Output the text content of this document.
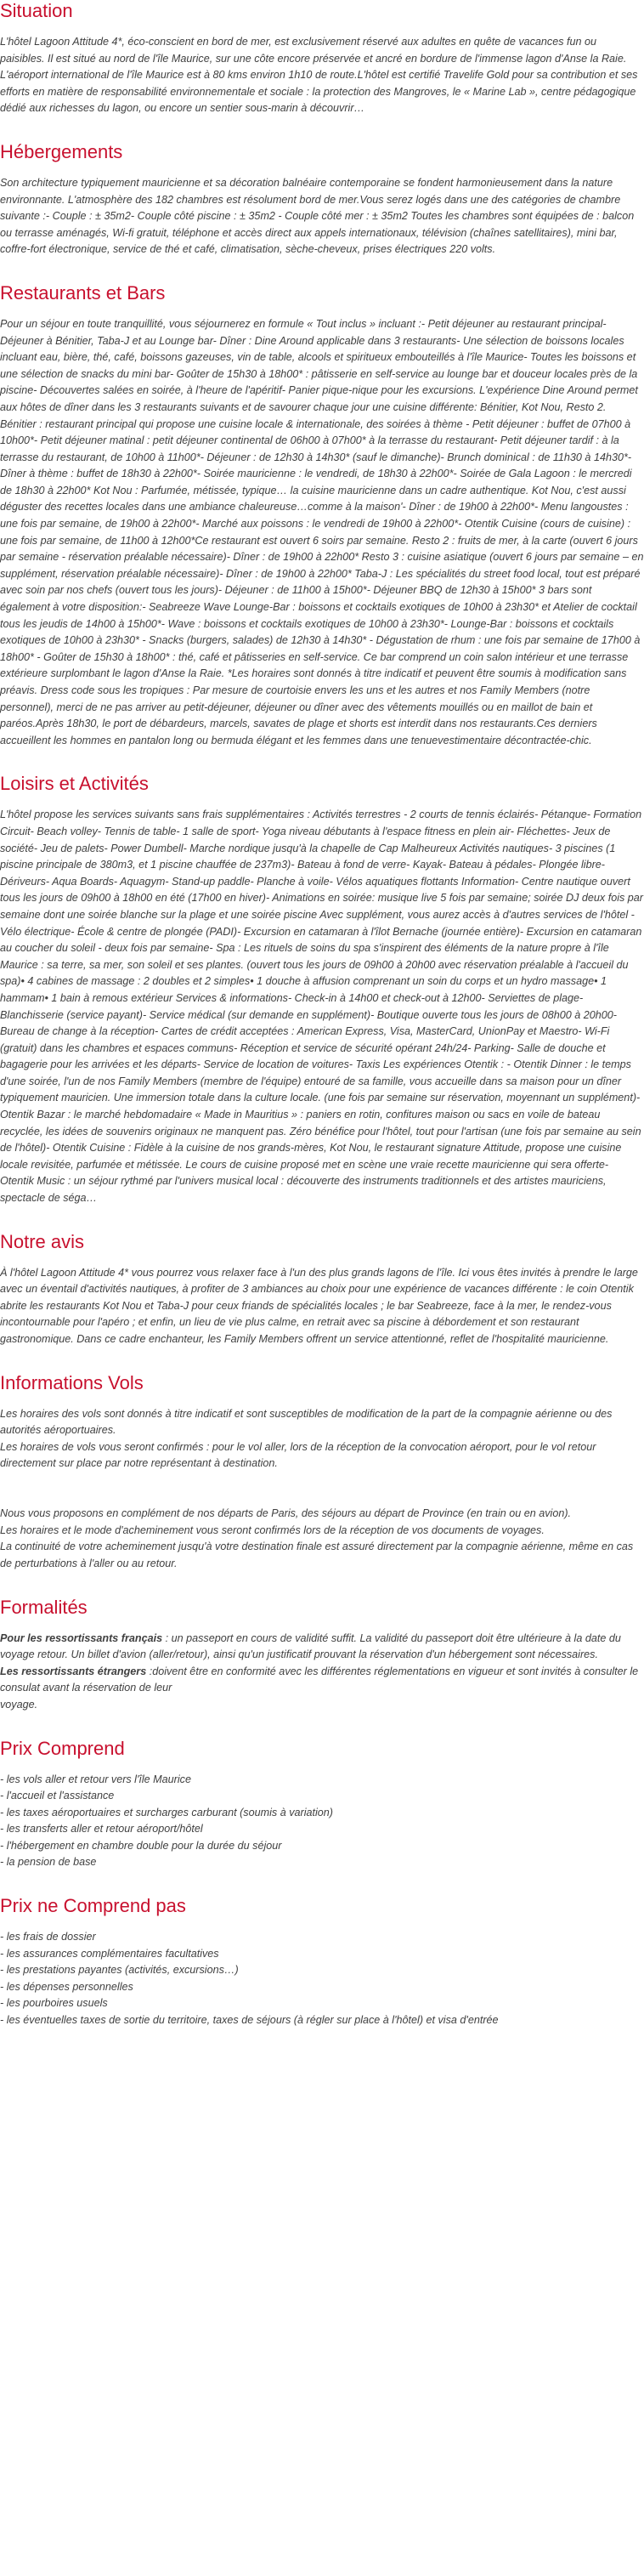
Situation

L'hôtel Lagoon Attitude 4*, éco-conscient en bord de mer, est exclusivement réservé aux adultes en quête de vacances fun ou paisibles. Il est situé au nord de l'île Maurice, sur une côte encore préservée et ancré en bordure de l'immense lagon d'Anse la Raie. L'aéroport international de l'île Maurice est à 80 kms environ 1h10 de route.L'hôtel est certifié Travelife Gold pour sa contribution et ses efforts en matière de responsabilité environnementale et sociale : la protection des Mangroves, le « Marine Lab », centre pédagogique dédié aux richesses du lagon, ou encore un sentier sous-marin à découvrir…

Hébergements

Son architecture typiquement mauricienne et sa décoration balnéaire contemporaine se fondent harmonieusement dans la nature environnante. L'atmosphère des 182 chambres est résolument bord de mer.Vous serez logés dans une des catégories de chambre suivante :- Couple : ± 35m2- Couple côté piscine : ± 35m2 - Couple côté mer : ± 35m2 Toutes les chambres sont équipées de : balcon ou terrasse aménagés, Wi-fi gratuit, téléphone et accès direct aux appels internationaux, télévision (chaînes satellitaires), mini bar, coffre-fort électronique, service de thé et café, climatisation, sèche-cheveux, prises électriques 220 volts.

Restaurants et Bars

Pour un séjour en toute tranquillité, vous séjournerez en formule « Tout inclus » incluant :- Petit déjeuner au restaurant principal- Déjeuner à Bénitier, Taba-J et au Lounge bar- Dîner : Dine Around applicable dans 3 restaurants- Une sélection de boissons locales incluant eau, bière, thé, café, boissons gazeuses, vin de table, alcools et spiritueux embouteillés à l'île Maurice- Toutes les boissons et une sélection de snacks du mini bar- Goûter de 15h30 à 18h00* : pâtisserie en self-service au lounge bar et douceur locales près de la piscine- Découvertes salées en soirée, à l'heure de l'apéritif- Panier pique-nique pour les excursions. L'expérience Dine Around permet aux hôtes de dîner dans les 3 restaurants suivants et de savourer chaque jour une cuisine différente: Bénitier, Kot Nou, Resto 2. Bénitier : restaurant principal qui propose une cuisine locale & internationale, des soirées à thème - Petit déjeuner : buffet de 07h00 à 10h00*- Petit déjeuner matinal : petit déjeuner continental de 06h00 à 07h00* à la terrasse du restaurant- Petit déjeuner tardif : à la terrasse du restaurant, de 10h00 à 11h00*- Déjeuner : de 12h30 à 14h30* (sauf le dimanche)- Brunch dominical : de 11h30 à 14h30*- Dîner à thème : buffet de 18h30 à 22h00*- Soirée mauricienne : le vendredi, de 18h30 à 22h00*- Soirée de Gala Lagoon : le mercredi de 18h30 à 22h00* Kot Nou : Parfumée, métissée, typique… la cuisine mauricienne dans un cadre authentique. Kot Nou, c'est aussi déguster des recettes locales dans une ambiance chaleureuse…comme à la maison'- Dîner : de 19h00 à 22h00*- Menu langoustes : une fois par semaine, de 19h00 à 22h00*- Marché aux poissons : le vendredi de 19h00 à 22h00*- Otentik Cuisine (cours de cuisine) : une fois par semaine, de 11h00 à 12h00*Ce restaurant est ouvert 6 soirs par semaine. Resto 2 : fruits de mer, à la carte (ouvert 6 jours par semaine - réservation préalable nécessaire)- Dîner : de 19h00 à 22h00* Resto 3 : cuisine asiatique (ouvert 6 jours par semaine – en supplément, réservation préalable nécessaire)- Dîner : de 19h00 à 22h00* Taba-J : Les spécialités du street food local, tout est préparé avec soin par nos chefs (ouvert tous les jours)- Déjeuner : de 11h00 à 15h00*- Déjeuner BBQ de 12h30 à 15h00* 3 bars sont également à votre disposition:- Seabreeze Wave Lounge-Bar : boissons et cocktails exotiques de 10h00 à 23h30* et Atelier de cocktail tous les jeudis de 14h00 à 15h00*- Wave : boissons et cocktails exotiques de 10h00 à 23h30*- Lounge-Bar : boissons et cocktails exotiques de 10h00 à 23h30* - Snacks (burgers, salades) de 12h30 à 14h30* - Dégustation de rhum : une fois par semaine de 17h00 à 18h00* - Goûter de 15h30 à 18h00* : thé, café et pâtisseries en self-service. Ce bar comprend un coin salon intérieur et une terrasse extérieure surplombant le lagon d'Anse la Raie. *Les horaires sont donnés à titre indicatif et peuvent être soumis à modification sans préavis. Dress code sous les tropiques : Par mesure de courtoisie envers les uns et les autres et nos Family Members (notre personnel), merci de ne pas arriver au petit-déjeuner, déjeuner ou dîner avec des vêtements mouillés ou en maillot de bain et paréos.Après 18h30, le port de débardeurs, marcels, savates de plage et shorts est interdit dans nos restaurants.Ces derniers accueillent les hommes en pantalon long ou bermuda élégant et les femmes dans une tenuevestimentaire décontractée-chic.

Loisirs et Activités

L'hôtel propose les services suivants sans frais supplémentaires : Activités terrestres - 2 courts de tennis éclairés- Pétanque- Formation Circuit- Beach volley- Tennis de table- 1 salle de sport- Yoga niveau débutants à l'espace fitness en plein air- Fléchettes- Jeux de société- Jeu de palets- Power Dumbell- Marche nordique jusqu'à la chapelle de Cap Malheureux Activités nautiques- 3 piscines (1 piscine principale de 380m3, et 1 piscine chauffée de 237m3)- Bateau à fond de verre- Kayak- Bateau à pédales- Plongée libre- Dériveurs- Aqua Boards- Aquagym- Stand-up paddle- Planche à voile- Vélos aquatiques flottants Information- Centre nautique ouvert tous les jours de 09h00 à 18h00 en été (17h00 en hiver)- Animations en soirée: musique live 5 fois par semaine; soirée DJ deux fois par semaine dont une soirée blanche sur la plage et une soirée piscine Avec supplément, vous aurez accès à d'autres services de l'hôtel - Vélo électrique- École & centre de plongée (PADI)- Excursion en catamaran à l'îlot Bernache (journée entière)- Excursion en catamaran au coucher du soleil - deux fois par semaine- Spa : Les rituels de soins du spa s'inspirent des éléments de la nature propre à l'île Maurice : sa terre, sa mer, son soleil et ses plantes. (ouvert tous les jours de 09h00 à 20h00 avec réservation préalable à l'accueil du spa)• 4 cabines de massage : 2 doubles et 2 simples• 1 douche à affusion comprenant un soin du corps et un hydro massage• 1 hammam• 1 bain à remous extérieur Services & informations- Check-in à 14h00 et check-out à 12h00- Serviettes de plage- Blanchisserie (service payant)- Service médical (sur demande en supplément)- Boutique ouverte tous les jours de 08h00 à 20h00- Bureau de change à la réception- Cartes de crédit acceptées : American Express, Visa, MasterCard, UnionPay et Maestro- Wi-Fi (gratuit) dans les chambres et espaces communs- Réception et service de sécurité opérant 24h/24- Parking- Salle de douche et bagagerie pour les arrivées et les départs- Service de location de voitures- Taxis Les expériences Otentik : - Otentik Dinner : le temps d'une soirée, l'un de nos Family Members (membre de l'équipe) entouré de sa famille, vous accueille dans sa maison pour un dîner typiquement mauricien. Une immersion totale dans la culture locale. (une fois par semaine sur réservation, moyennant un supplément)- Otentik Bazar : le marché hebdomadaire « Made in Mauritius » : paniers en rotin, confitures maison ou sacs en voile de bateau recyclée, les idées de souvenirs originaux ne manquent pas. Zéro bénéfice pour l'hôtel, tout pour l'artisan (une fois par semaine au sein de l'hôtel)- Otentik Cuisine : Fidèle à la cuisine de nos grands-mères, Kot Nou, le restaurant signature Attitude, propose une cuisine locale revisitée, parfumée et métissée. Le cours de cuisine proposé met en scène une vraie recette mauricienne qui sera offerte- Otentik Music : un séjour rythmé par l'univers musical local : découverte des instruments traditionnels et des artistes mauriciens, spectacle de séga…

Notre avis

À l'hôtel Lagoon Attitude 4* vous pourrez vous relaxer face à l'un des plus grands lagons de l'île. Ici vous êtes invités à prendre le large avec un éventail d'activités nautiques, à profiter de 3 ambiances au choix pour une expérience de vacances différente : le coin Otentik abrite les restaurants Kot Nou et Taba-J pour ceux friands de spécialités locales ; le bar Seabreeze, face à la mer, le rendez-vous incontournable pour l'apéro ; et enfin, un lieu de vie plus calme, en retrait avec sa piscine à débordement et son restaurant gastronomique. Dans ce cadre enchanteur, les Family Members offrent un service attentionné, reflet de l'hospitalité mauricienne.

Informations Vols

Les horaires des vols sont donnés à titre indicatif et sont susceptibles de modification de la part de la compagnie aérienne ou des autorités aéroportuaires.

Les horaires de vols vous seront confirmés : pour le vol aller, lors de la réception de la convocation aéroport, pour le vol retour directement sur place par notre représentant à destination.

Nous vous proposons en complément de nos départs de Paris, des séjours au départ de Province (en train ou en avion).

Les horaires et le mode d'acheminement vous seront confirmés lors de la réception de vos documents de voyages.

La continuité de votre acheminement jusqu'à votre destination finale est assuré directement par la compagnie aérienne, même en cas de perturbations à l'aller ou au retour.

Formalités

Pour les ressortissants français : un passeport en cours de validité suffit. La validité du passeport doit être ultérieure à la date du voyage retour. Un billet d'avion (aller/retour), ainsi qu'un justificatif prouvant la réservation d'un hébergement sont nécessaires.

Les ressortissants étrangers :doivent être en conformité avec les différentes réglementations en vigueur et sont invités à consulter le consulat avant la réservation de leur

voyage.

Prix Comprend
- les vols aller et retour vers l'île Maurice
- l'accueil et l'assistance
- les taxes aéroportuaires et surcharges carburant (soumis à variation)
- les transferts aller et retour aéroport/hôtel
- l'hébergement en chambre double pour la durée du séjour
- la pension de base
Prix ne Comprend pas
- les frais de dossier
- les assurances complémentaires facultatives
- les prestations payantes (activités, excursions…)
- les dépenses personnelles
- les pourboires usuels
- les éventuelles taxes de sortie du territoire, taxes de séjours (à régler sur place à l'hôtel) et visa d'entrée
